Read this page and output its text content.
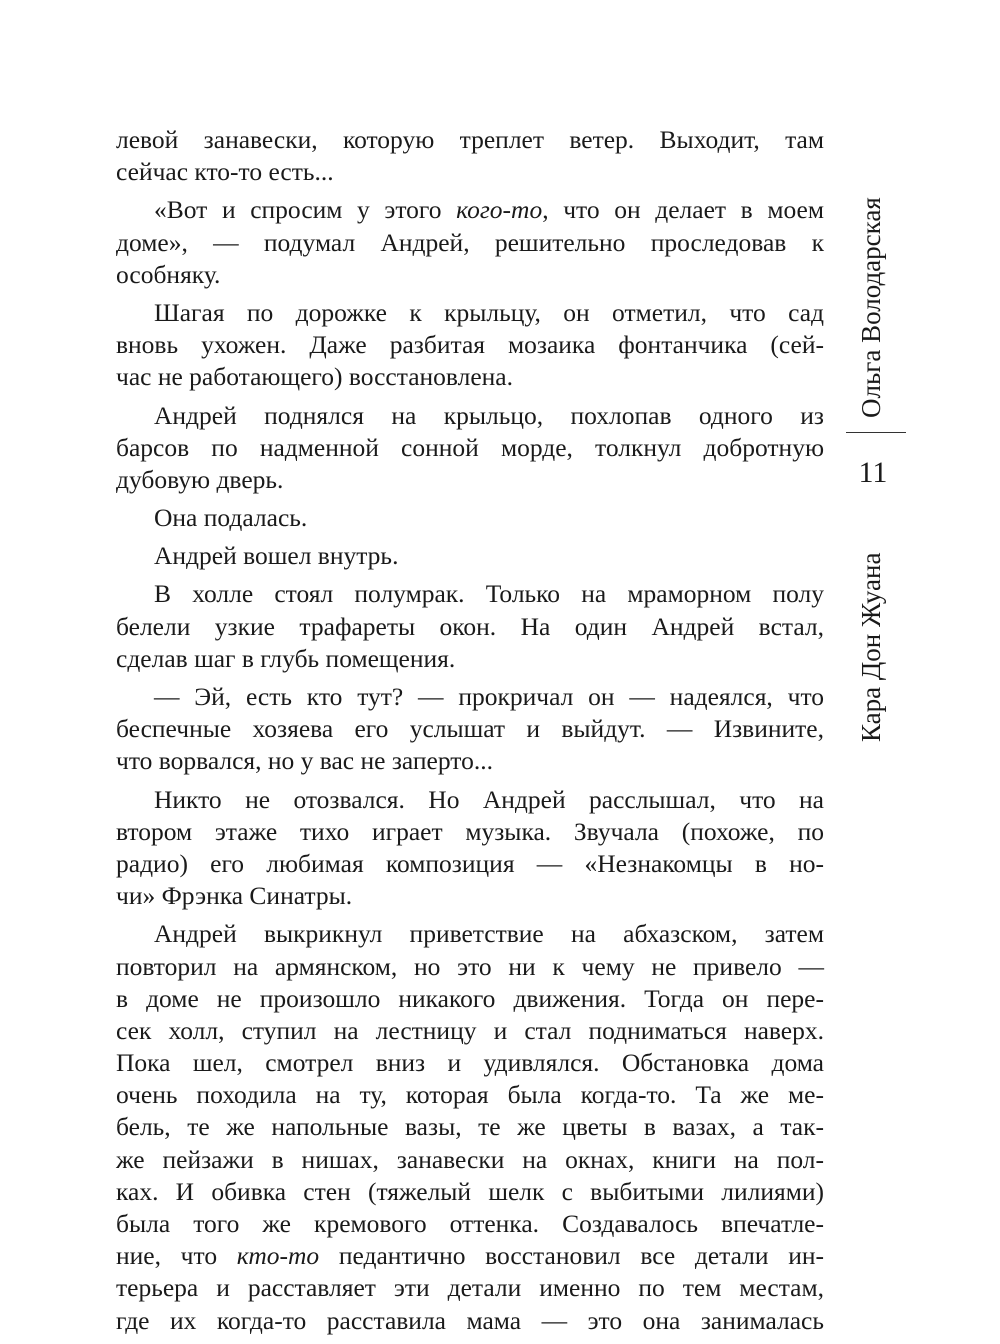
левой занавески, которую треплет ветер. Выходит, там
сейчас кто-то есть...
«Вот и спросим у этого кого-то, что он делает в моем
доме», — подумал Андрей, решительно проследовав к
особняку.
Шагая по дорожке к крыльцу, он отметил, что сад
вновь ухожен. Даже разбитая мозаика фонтанчика (сей-
час не работающего) восстановлена.
Андрей поднялся на крыльцо, похлопав одного из
барсов по надменной сонной морде, толкнул добротную
дубовую дверь.
Она подалась.
Андрей вошел внутрь.
В холле стоял полумрак. Только на мраморном полу
белели узкие трафареты окон. На один Андрей встал,
сделав шаг в глубь помещения.
— Эй, есть кто тут? — прокричал он — надеялся, что
беспечные хозяева его услышат и выйдут. — Извините,
что ворвался, но у вас не заперто...
Никто не отозвался. Но Андрей расслышал, что на
втором этаже тихо играет музыка. Звучала (похоже, по
радио) его любимая композиция — «Незнакомцы в но-
чи» Фрэнка Синатры.
Андрей выкрикнул приветствие на абхазском, затем
повторил на армянском, но это ни к чему не привело —
в доме не произошло никакого движения. Тогда он пере-
сек холл, ступил на лестницу и стал подниматься наверх.
Пока шел, смотрел вниз и удивлялся. Обстановка дома
очень походила на ту, которая была когда-то. Та же ме-
бель, те же напольные вазы, те же цветы в вазах, а так-
же пейзажи в нишах, занавески на окнах, книги на пол-
ках. И обивка стен (тяжелый шелк с выбитыми лилиями)
была того же кремового оттенка. Создавалось впечатле-
ние, что кто-то педантично восстановил все детали ин-
терьера и расставляет эти детали именно по тем местам,
где их когда-то расставила мама — это она занималась
Ольга Володарская
11
Кара Дон Жуана
